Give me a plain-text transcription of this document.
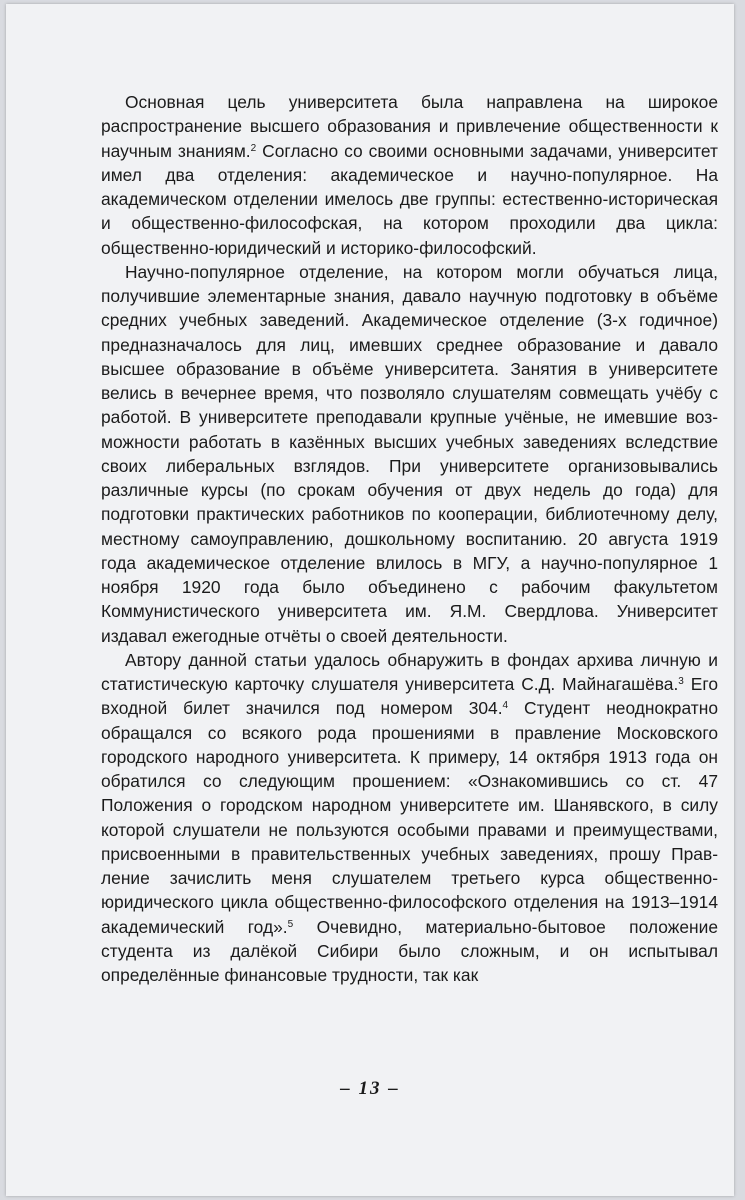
Основная цель университета была направлена на широкое распространение высшего образования и привлечение общественности к научным знаниям.$^2$ Согласно со своими основными задачами, университет имел два отделения: академическое и научно-популярное. На академическом отделении имелось две группы: естественно-историческая и общественно-философская, на котором проходили два цикла: общественно-юридический и историко-философский.

Научно-популярное отделение, на котором могли обучаться лица, получившие элементарные знания, давало научную подготовку в объёме средних учебных заведений. Академическое отделение (3-х годичное) предназначалось для лиц, имевших среднее образование и давало высшее образование в объёме университета. Занятия в университете велись в вечернее время, что позволяло слушателям совмещать учёбу с работой. В университете преподавали крупные учёные, не имевшие возможности работать в казённых высших учебных заведениях вследствие своих либеральных взглядов. При университете организовывались различные курсы (по срокам обучения от двух недель до года) для подготовки практических работников по кооперации, библиотечному делу, местному самоуправлению, дошкольному воспитанию. 20 августа 1919 года академическое отделение влилось в МГУ, а научно-популярное 1 ноября 1920 года было объединено с рабочим факультетом Коммунистического университета им. Я.М. Свердлова. Университет издавал ежегодные отчёты о своей деятельности.

Автору данной статьи удалось обнаружить в фондах архива личную и статистическую карточку слушателя университета С.Д. Майнагашёва.$^3$ Его входной билет значился под номером 304.$^4$ Студент неоднократно обращался со всякого рода прошениями в правление Московского городского народного университета. К примеру, 14 октября 1913 года он обратился со следующим прошением: «Ознакомившись со ст. 47 Положения о городском народном университете им. Шанявского, в силу которой слушатели не пользуются особыми правами и преимуществами, присвоенными в правительственных учебных заведениях, прошу Правление зачислить меня слушателем третьего курса общественно-юридического цикла общественно-философского отделения на 1913–1914 академический год».$^5$ Очевидно, материально-бытовое положение студента из далёкой Сибири было сложным, и он испытывал определённые финансовые трудности, так как

– 13 –
